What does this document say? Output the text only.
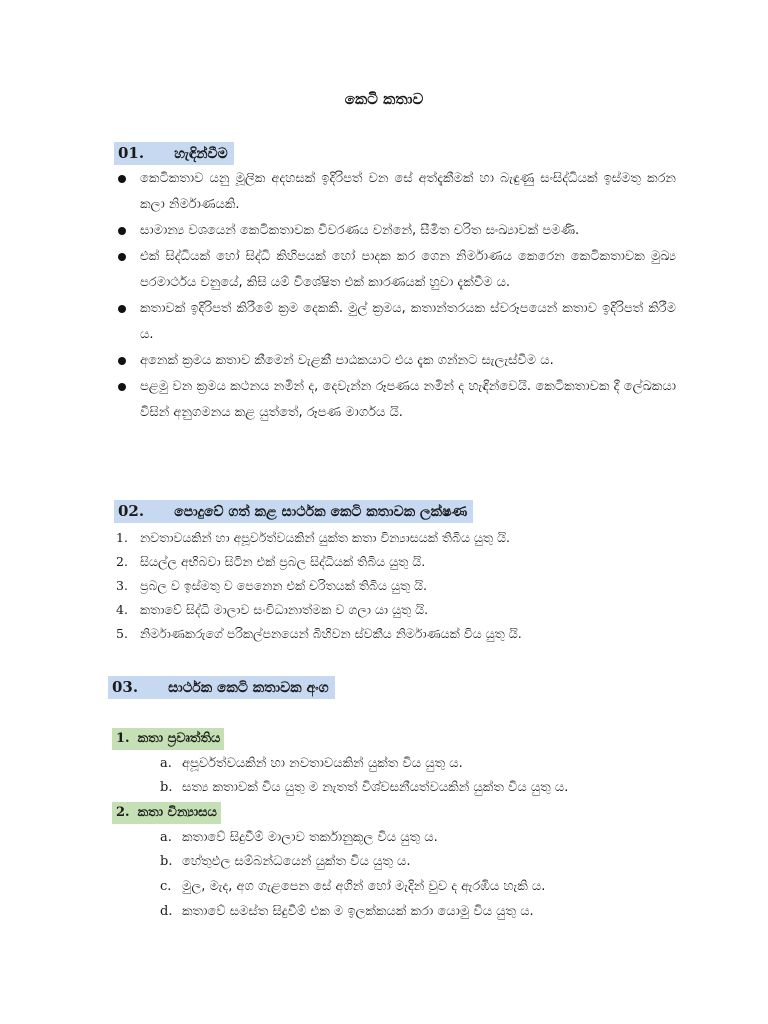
කෙටි කතාව
01. හැඳින්වීම
කෙටිකතාව යනු මූලික අදහසක් ඉදිරිපත් වන සේ අත්දැකීමක් හා බැඳුණු සංසිද්ධියක් ඉස්මතු කරන කලා නිර්මාණයකි.
සාමාන්‍ය වශයෙන් කෙටිකතාවක විවරණය වන්නේ, සීමිත චරිත සංඛ්‍යාවක් පමණි.
එක් සිද්ධියක් හෝ සිද්ධි කිහිපයක් හෝ පාදක කර ගෙන නිර්මාණය කෙරෙන කෙටිකතාවක මුඛ්‍ය පරමාර්ථය වනුයේ, කිසි යම් විශේෂිත එක් කාරණයක් හුවා දැක්වීම ය.
කතාවක් ඉදිරිපත් කිරීමේ ක්‍රම දෙකකි. මුල් ක්‍රමය, කතාන්තරයක ස්වරූපයෙන් කතාව ඉදිරිපත් කිරීම ය.
අනෙක් ක්‍රමය කතාව කීමෙන් වැළකී පාඨකයාට එය දැක ගන්නට සැලැස්වීම ය.
පළමු වන ක්‍රමය කථනය නමින් ද, දෙවැන්න රූපණය නමින් ද හැඳින්වෙයි. කෙටිකතාවක දී ලේඛකයා විසින් අනුගමනය කළ යුත්තේ, රූපණ මාර්ගය යි.
02. පොදුවේ ගත් කළ සාර්ථක කෙටි කතාවක ලක්ෂණ
1. නවතාවයකින් හා අපූර්වත්වයකින් යුක්ත කතා වින්‍යාසයක් තිබිය යුතු යි.
2. සියල්ල අභිබවා සිටින එක් ප්‍රබල සිද්ධියක් තිබිය යුතු යි.
3. ප්‍රබල ව ඉස්මතු ව පෙනෙන එක් චරිතයක් තිබිය යුතු යි.
4. කතාවේ සිද්ධි මාලාව සංවිධානාත්මක ව ගලා යා යුතු යි.
5. නිර්මාණකරුගේ පරිකල්පනයෙන් බිහිවන ස්වකීය නිර්මාණයක් විය යුතු යි.
03. සාර්ථක කෙටි කතාවක අංග
1. කතා ප්‍රවෘත්තිය
a. අපූර්වත්වයකින් හා නවතාවයකින් යුක්ත විය යුතු ය.
b. සත්‍ය කතාවක් විය යුතු ම නැතත් විශ්වසනීයත්වයකින් යුක්ත විය යුතු ය.
2. කතා වින්‍යාසය
a. කතාවේ සිදුවීම් මාලාව තර්කානුකූල විය යුතු ය.
b. හේතුඵල සම්බන්ධයෙන් යුක්ත විය යුතු ය.
c. මුල, මැද, අග ගැළපෙන සේ අගින් හෝ මැදින් වුව ද ඇරඹිය හැකි ය.
d. කතාවේ සමස්ත සිදුවීම් එක ම ඉලක්කයක් කරා යොමු විය යුතු ය.
